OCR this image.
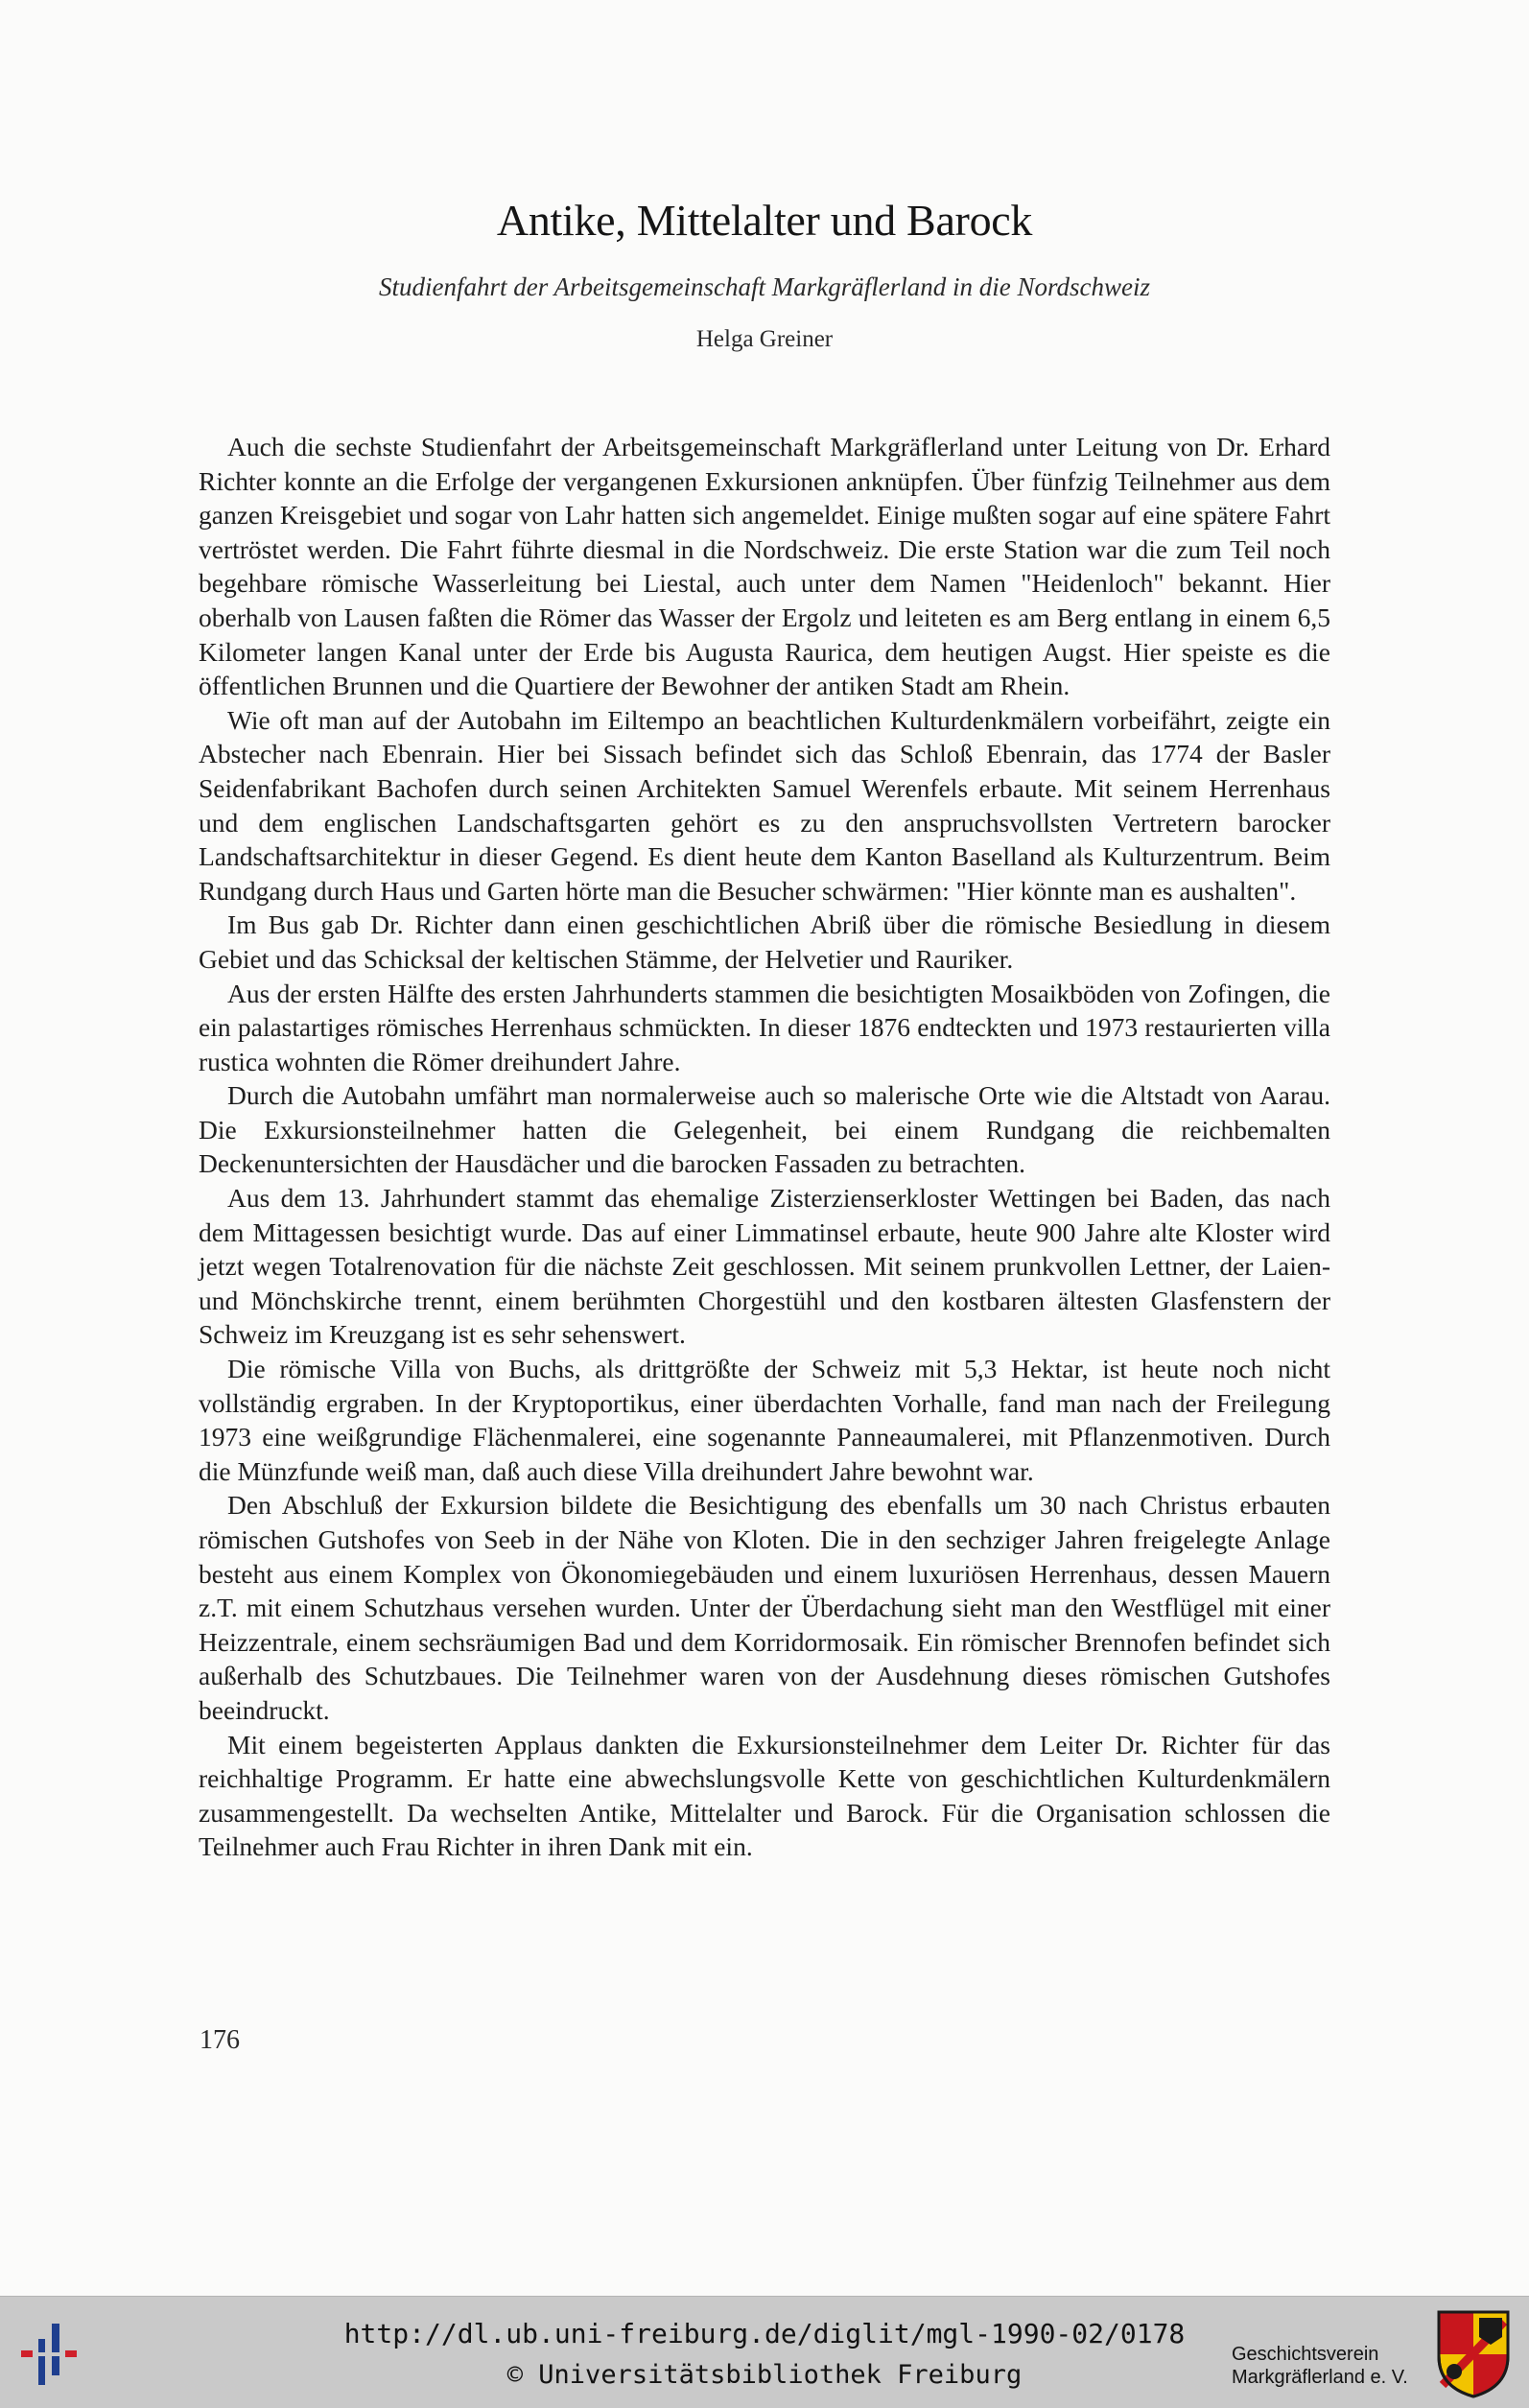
Antike, Mittelalter und Barock
Studienfahrt der Arbeitsgemeinschaft Markgräflerland in die Nordschweiz
Helga Greiner

Auch die sechste Studienfahrt der Arbeitsgemeinschaft Markgräflerland unter Leitung von Dr. Erhard Richter konnte an die Erfolge der vergangenen Exkursionen anknüpfen. Über fünfzig Teilnehmer aus dem ganzen Kreisgebiet und sogar von Lahr hatten sich angemeldet. Einige mußten sogar auf eine spätere Fahrt vertröstet werden. Die Fahrt führte diesmal in die Nordschweiz. Die erste Station war die zum Teil noch begehbare römische Wasserleitung bei Liestal, auch unter dem Namen "Heidenloch" bekannt. Hier oberhalb von Lausen faßten die Römer das Wasser der Ergolz und leiteten es am Berg entlang in einem 6,5 Kilometer langen Kanal unter der Erde bis Augusta Raurica, dem heutigen Augst. Hier speiste es die öffentlichen Brunnen und die Quartiere der Bewohner der antiken Stadt am Rhein.

Wie oft man auf der Autobahn im Eiltempo an beachtlichen Kulturdenkmälern vorbeifährt, zeigte ein Abstecher nach Ebenrain. Hier bei Sissach befindet sich das Schloß Ebenrain, das 1774 der Basler Seidenfabrikant Bachofen durch seinen Architekten Samuel Werenfels erbaute. Mit seinem Herrenhaus und dem englischen Landschaftsgarten gehört es zu den anspruchsvollsten Vertretern barocker Landschaftsarchitektur in dieser Gegend. Es dient heute dem Kanton Baselland als Kulturzentrum. Beim Rundgang durch Haus und Garten hörte man die Besucher schwärmen: "Hier könnte man es aushalten".

Im Bus gab Dr. Richter dann einen geschichtlichen Abriß über die römische Besiedlung in diesem Gebiet und das Schicksal der keltischen Stämme, der Helvetier und Rauriker.

Aus der ersten Hälfte des ersten Jahrhunderts stammen die besichtigten Mosaikböden von Zofingen, die ein palastartiges römisches Herrenhaus schmückten. In dieser 1876 endteckten und 1973 restaurierten villa rustica wohnten die Römer dreihundert Jahre.

Durch die Autobahn umfährt man normalerweise auch so malerische Orte wie die Altstadt von Aarau. Die Exkursionsteilnehmer hatten die Gelegenheit, bei einem Rundgang die reichbemalten Deckenuntersichten der Hausdächer und die barocken Fassaden zu betrachten.

Aus dem 13. Jahrhundert stammt das ehemalige Zisterzienserkloster Wettingen bei Baden, das nach dem Mittagessen besichtigt wurde. Das auf einer Limmatinsel erbaute, heute 900 Jahre alte Kloster wird jetzt wegen Totalrenovation für die nächste Zeit geschlossen. Mit seinem prunkvollen Lettner, der Laien- und Mönchskirche trennt, einem berühmten Chorgestühl und den kostbaren ältesten Glasfenstern der Schweiz im Kreuzgang ist es sehr sehenswert.

Die römische Villa von Buchs, als drittgrößte der Schweiz mit 5,3 Hektar, ist heute noch nicht vollständig ergraben. In der Kryptoportikus, einer überdachten Vorhalle, fand man nach der Freilegung 1973 eine weißgrundige Flächenmalerei, eine sogenannte Panneaumalerei, mit Pflanzenmotiven. Durch die Münzfunde weiß man, daß auch diese Villa dreihundert Jahre bewohnt war.

Den Abschluß der Exkursion bildete die Besichtigung des ebenfalls um 30 nach Christus erbauten römischen Gutshofes von Seeb in der Nähe von Kloten. Die in den sechziger Jahren freigelegte Anlage besteht aus einem Komplex von Ökonomiegebäuden und einem luxuriösen Herrenhaus, dessen Mauern z.T. mit einem Schutzhaus versehen wurden. Unter der Überdachung sieht man den Westflügel mit einer Heizzentrale, einem sechsräumigen Bad und dem Korridormosaik. Ein römischer Brennofen befindet sich außerhalb des Schutzbaues. Die Teilnehmer waren von der Ausdehnung dieses römischen Gutshofes beeindruckt.

Mit einem begeisterten Applaus dankten die Exkursionsteilnehmer dem Leiter Dr. Richter für das reichhaltige Programm. Er hatte eine abwechslungsvolle Kette von geschichtlichen Kulturdenkmälern zusammengestellt. Da wechselten Antike, Mittelalter und Barock. Für die Organisation schlossen die Teilnehmer auch Frau Richter in ihren Dank mit ein.

176
http://dl.ub.uni-freiburg.de/diglit/mgl-1990-02/0178
© Universitätsbibliothek Freiburg
Geschichtsverein
Markgräflerland e. V.
